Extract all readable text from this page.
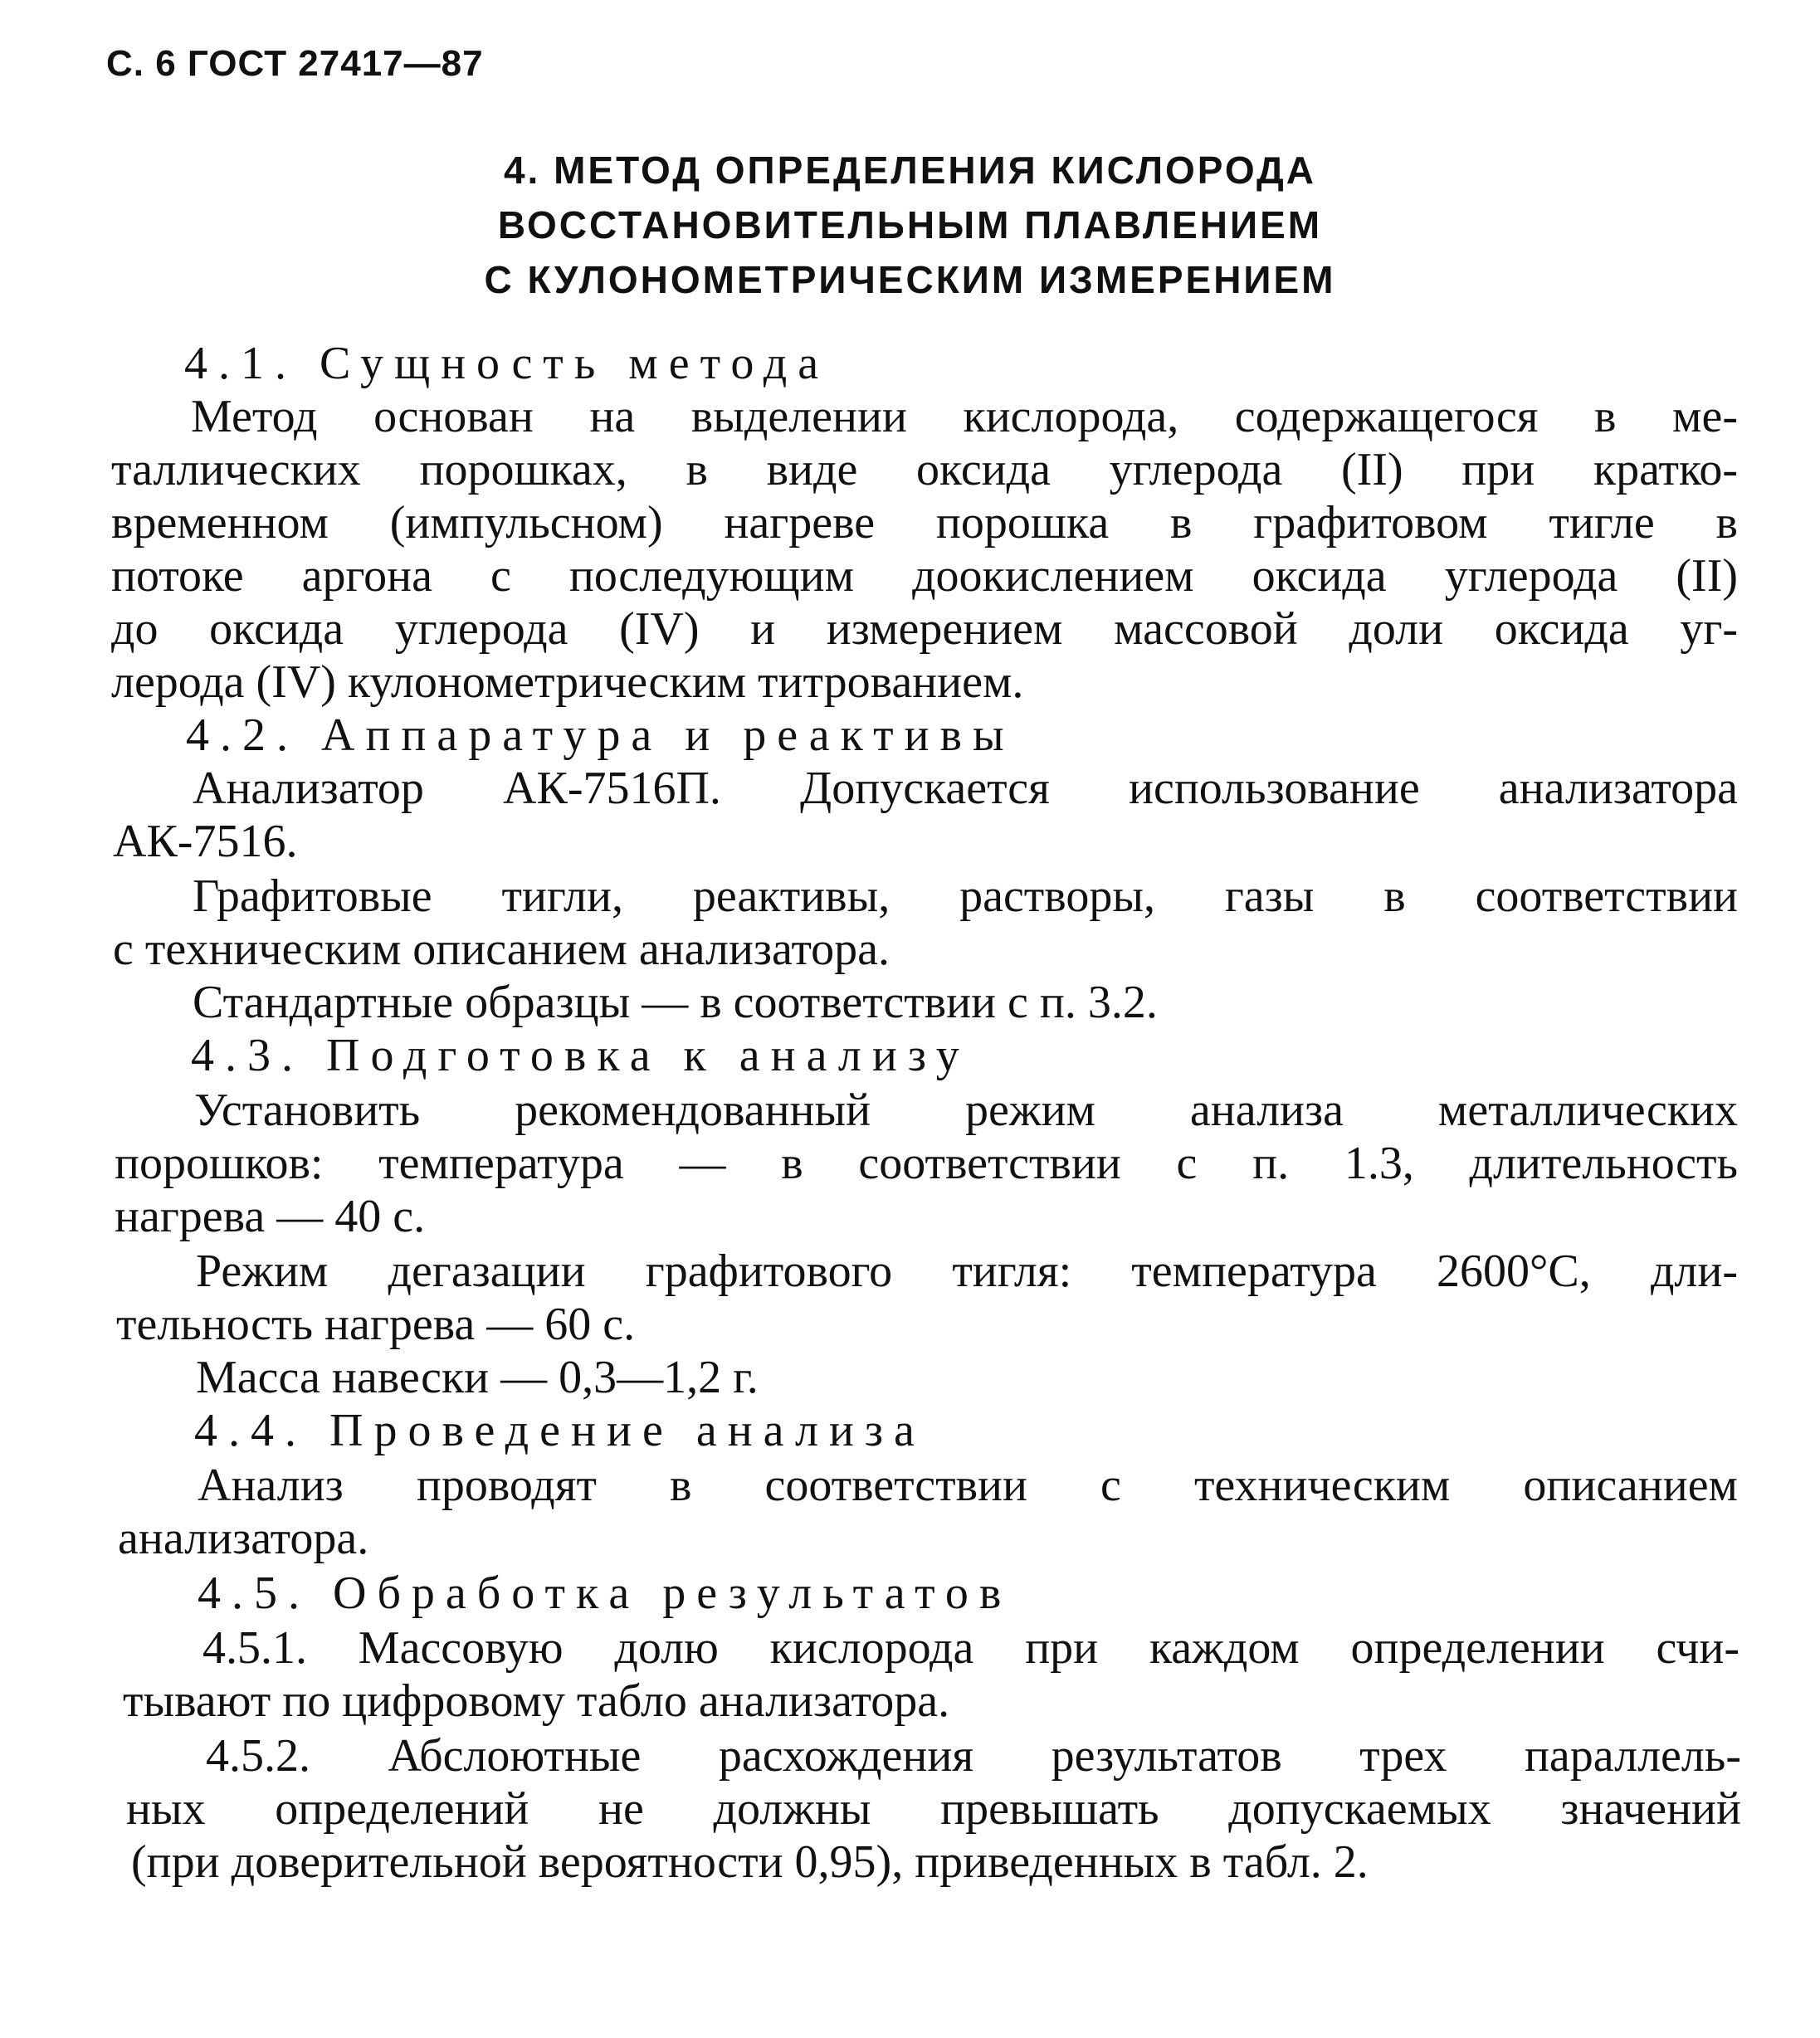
С. 6 ГОСТ 27417—87
4. МЕТОД ОПРЕДЕЛЕНИЯ КИСЛОРОДА
ВОССТАНОВИТЕЛЬНЫМ ПЛАВЛЕНИЕМ
С КУЛОНОМЕТРИЧЕСКИМ ИЗМЕРЕНИЕМ
4.1. Сущность метода
Метод основан на выделении кислорода, содержащегося в ме-
таллических порошках, в виде оксида углерода (II) при кратко-
временном (импульсном) нагреве порошка в графитовом тигле в
потоке аргона с последующим доокислением оксида углерода (II)
до оксида углерода (IV) и измерением массовой доли оксида уг-
лерода (IV) кулонометрическим титрованием.
4.2. Аппаратура и реактивы
Анализатор АК-7516П. Допускается использование анализатора
АК-7516.
Графитовые тигли, реактивы, растворы, газы в соответствии
с техническим описанием анализатора.
Стандартные образцы — в соответствии с п. 3.2.
4.3. Подготовка к анализу
Установить рекомендованный режим анализа металлических
порошков: температура — в соответствии с п. 1.3, длительность
нагрева — 40 с.
Режим дегазации графитового тигля: температура 2600°С, дли-
тельность нагрева — 60 с.
Масса навески — 0,3—1,2 г.
4.4. Проведение анализа
Анализ проводят в соответствии с техническим описанием
анализатора.
4.5. Обработка результатов
4.5.1. Массовую долю кислорода при каждом определении счи-
тывают по цифровому табло анализатора.
4.5.2. Абслоютные расхождения результатов трех параллель-
ных определений не должны превышать допускаемых значений
(при доверительной вероятности 0,95), приведенных в табл. 2.
